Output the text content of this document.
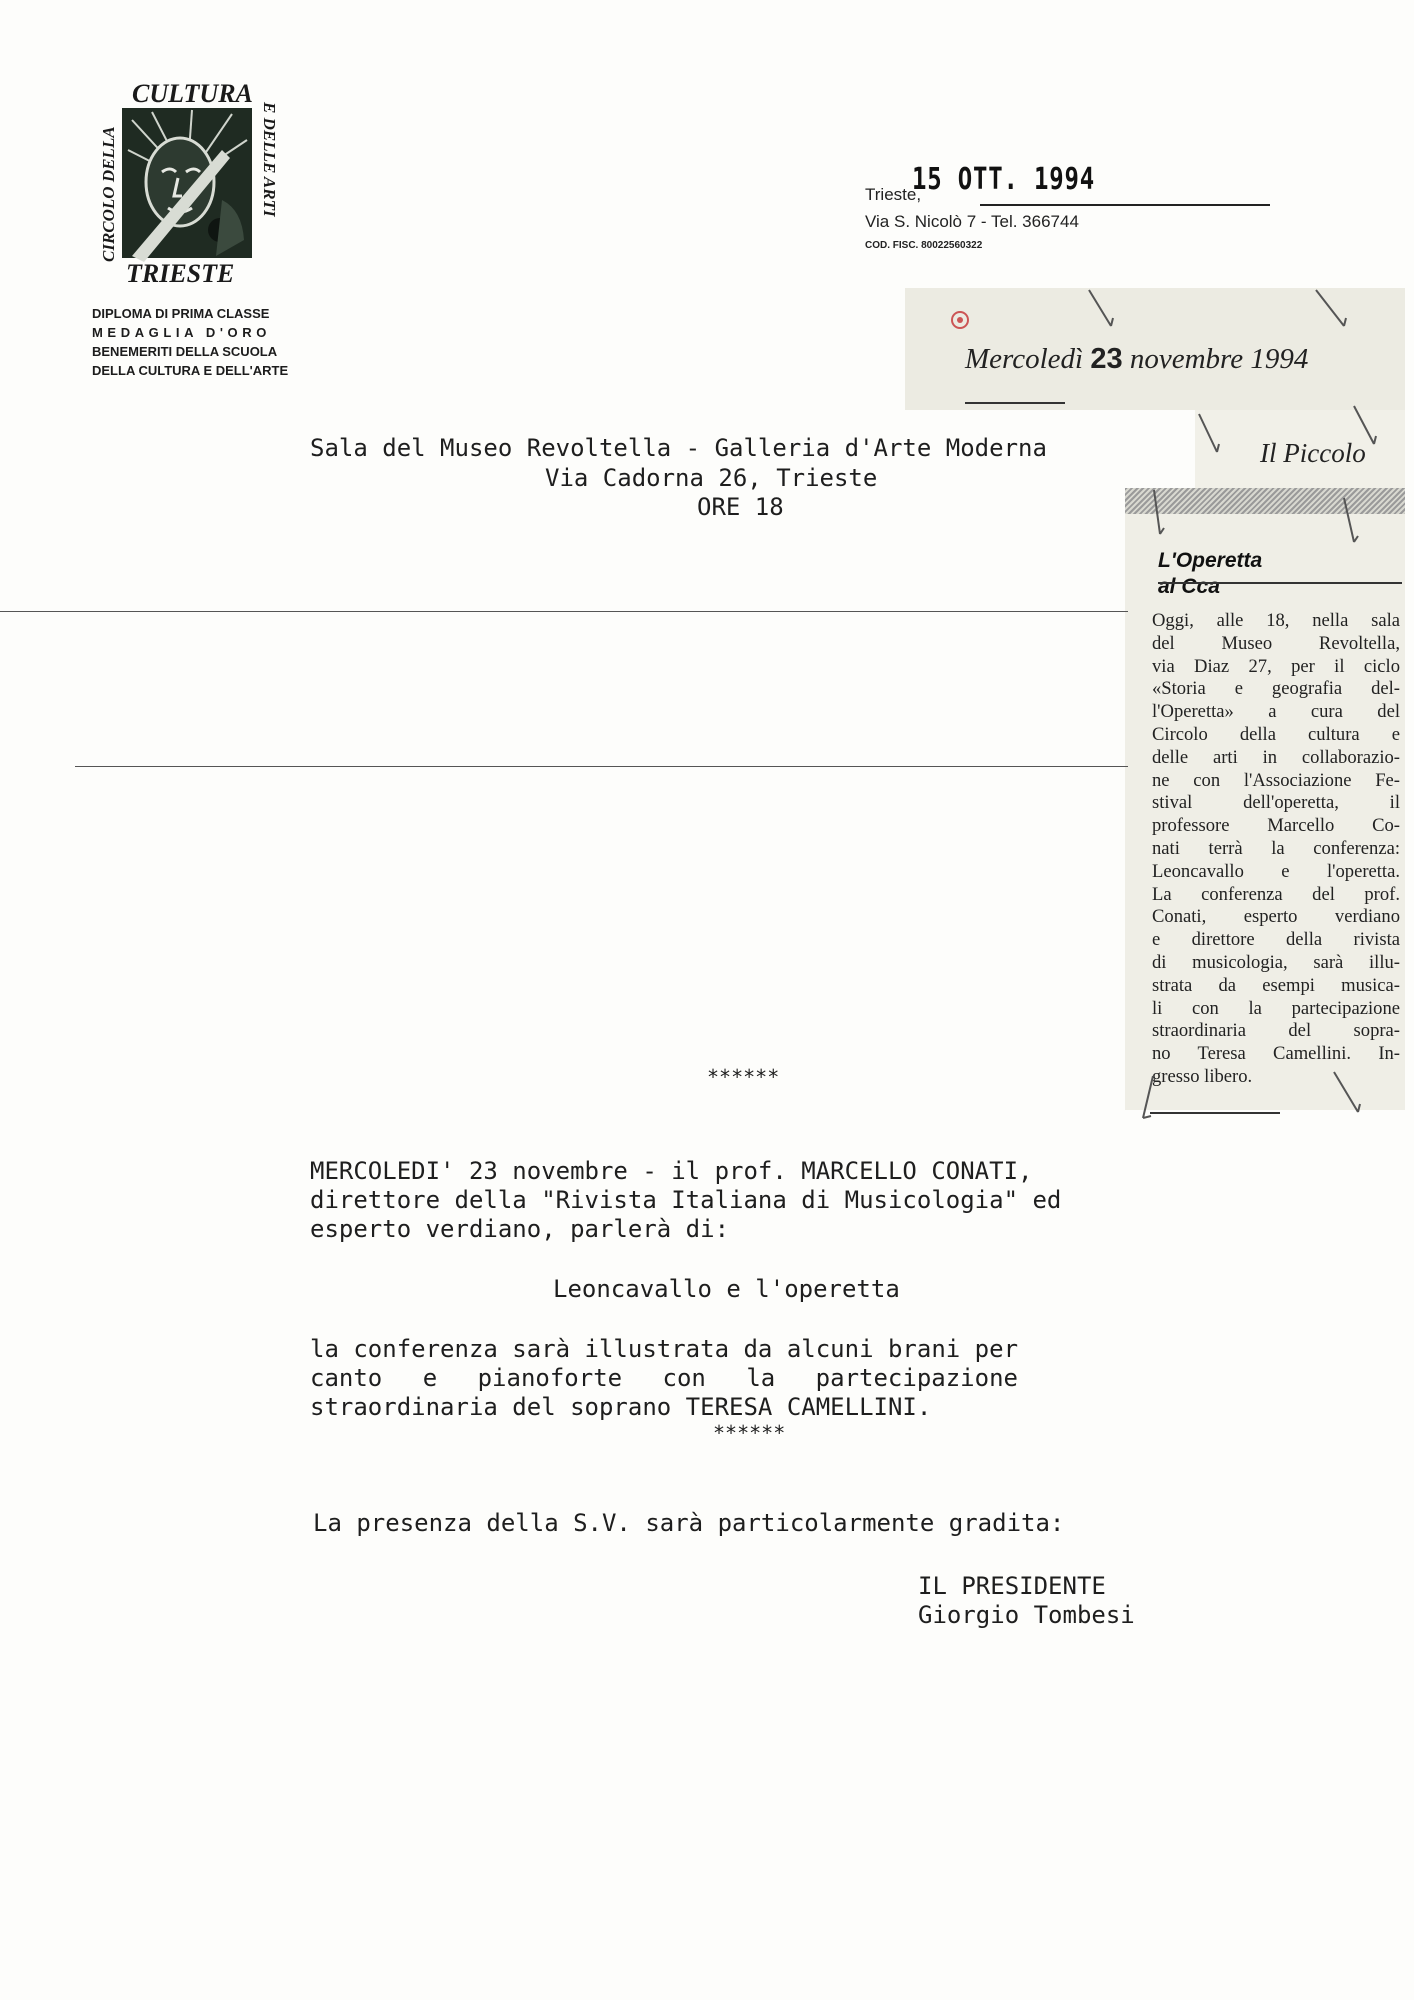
CULTURA
CIRCOLO DELLA	E DELLE ARTI
TRIESTE
DIPLOMA DI PRIMA CLASSE
MEDAGLIA D'ORO
BENEMERITI DELLA SCUOLA
DELLA CULTURA E DELL'ARTE
Trieste,
15 OTT. 1994
Via S. Nicolò 7 - Tel. 366744
COD. FISC. 80022560322
Mercoledì 23 novembre 1994
Il Piccolo
L'Operetta
al Cca
Oggi, alle 18, nella sala
del Museo Revoltella,
via Diaz 27, per il ciclo
«Storia e geografia del-
l'Operetta» a cura del
Circolo della cultura e
delle arti in collaborazio-
ne con l'Associazione Fe-
stival dell'operetta, il
professore Marcello Co-
nati terrà la conferenza:
Leoncavallo e l'operetta.
La conferenza del prof.
Conati, esperto verdiano
e direttore della rivista
di musicologia, sarà illu-
strata da esempi musica-
li con la partecipazione
straordinaria del sopra-
no Teresa Camellini. In-
gresso libero.
Sala del Museo Revoltella - Galleria d'Arte Moderna
Via Cadorna 26, Trieste
ORE 18
******
MERCOLEDI' 23 novembre - il prof. MARCELLO CONATI,
direttore della "Rivista Italiana di Musicologia" ed
esperto verdiano, parlerà di:
Leoncavallo e l'operetta
la conferenza sarà illustrata da alcuni brani per
canto e pianoforte con la partecipazione
straordinaria del soprano TERESA CAMELLINI.
******
La presenza della S.V. sarà particolarmente gradita:
IL PRESIDENTE
Giorgio Tombesi
